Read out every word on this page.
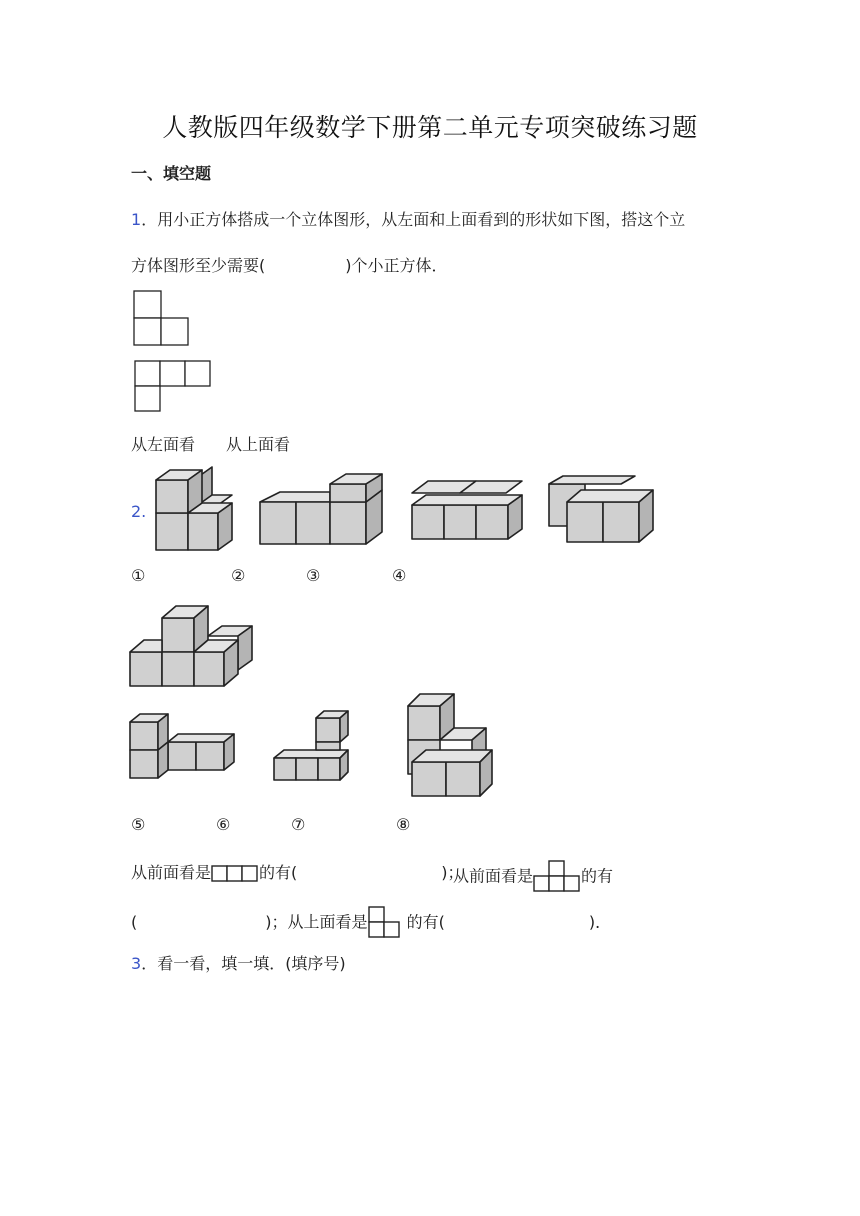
人教版四年级数学下册第二单元专项突破练习题
一、填空题
1．用小正方体搭成一个立体图形，从左面和上面看到的形状如下图，搭这个立
方体图形至少需要(　　　　　)个小正方体．
从左面看 从上面看
2.
①	②	③	④
⑤	⑥	⑦	⑧
从前面看是	的有(　　　　　　　　　)；
从前面看是	的有
(　　　　　　　　)；从上面看是 的有(　　　　　　　　　)．
3．看一看，填一填．(填序号)
